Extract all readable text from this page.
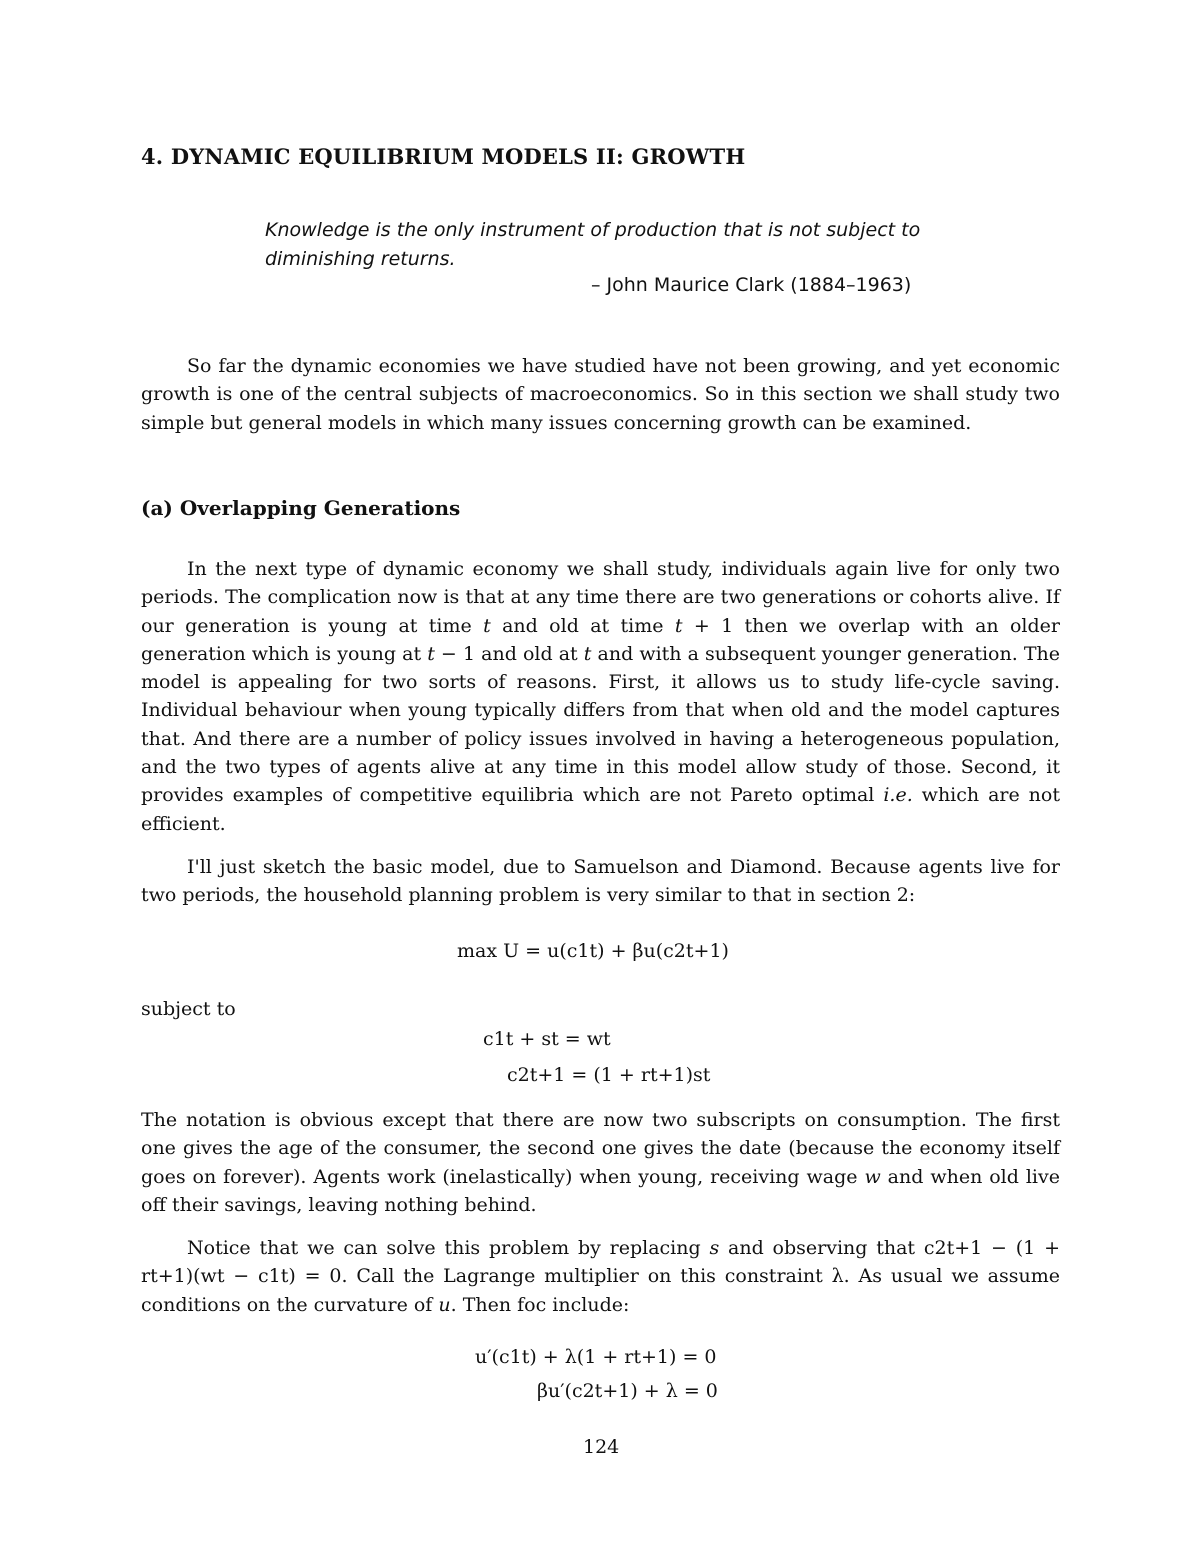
4. DYNAMIC EQUILIBRIUM MODELS II: GROWTH
Knowledge is the only instrument of production that is not subject to diminishing returns.
– John Maurice Clark (1884–1963)

So far the dynamic economies we have studied have not been growing, and yet economic growth is one of the central subjects of macroeconomics. So in this section we shall study two simple but general models in which many issues concerning growth can be examined.

(a) Overlapping Generations

In the next type of dynamic economy we shall study, individuals again live for only two periods. The complication now is that at any time there are two generations or cohorts alive. If our generation is young at time t and old at time t + 1 then we overlap with an older generation which is young at t − 1 and old at t and with a subsequent younger generation. The model is appealing for two sorts of reasons. First, it allows us to study life-cycle saving. Individual behaviour when young typically differs from that when old and the model captures that. And there are a number of policy issues involved in having a heterogeneous population, and the two types of agents alive at any time in this model allow study of those. Second, it provides examples of competitive equilibria which are not Pareto optimal i.e. which are not efficient.

I'll just sketch the basic model, due to Samuelson and Diamond. Because agents live for two periods, the household planning problem is very similar to that in section 2:

max U = u(c1t) + βu(c2t+1)
subject to
c1t + st = wt
c2t+1 = (1 + rt+1)st

The notation is obvious except that there are now two subscripts on consumption. The first one gives the age of the consumer, the second one gives the date (because the economy itself goes on forever). Agents work (inelastically) when young, receiving wage w and when old live off their savings, leaving nothing behind.

Notice that we can solve this problem by replacing s and observing that c2t+1 − (1 + rt+1)(wt − c1t) = 0. Call the Lagrange multiplier on this constraint λ. As usual we assume conditions on the curvature of u. Then foc include:

u′(c1t) + λ(1 + rt+1) = 0
βu′(c2t+1) + λ = 0
124
